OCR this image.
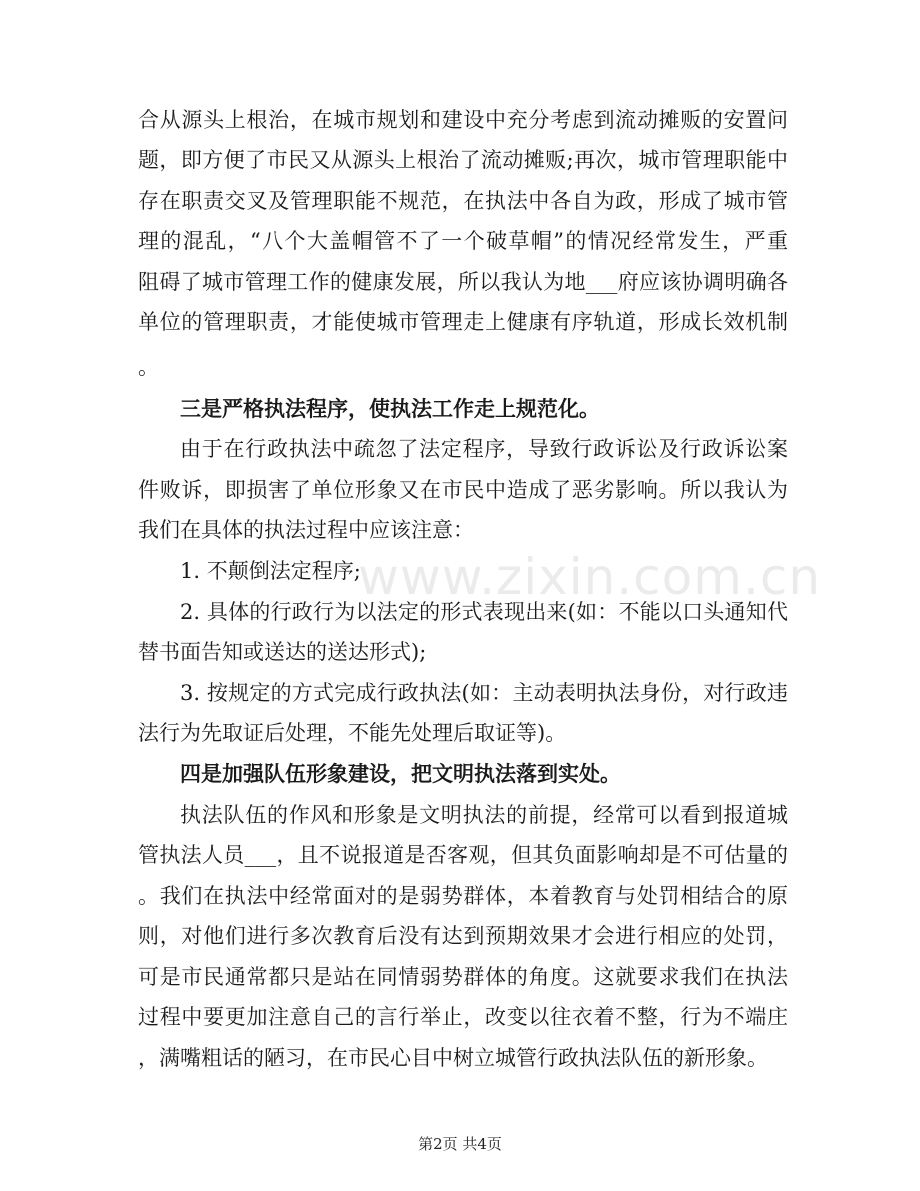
合从源头上根治，在城市规划和建设中充分考虑到流动摊贩的安置问
题，即方便了市民又从源头上根治了流动摊贩;再次，城市管理职能中
存在职责交叉及管理职能不规范，在执法中各自为政，形成了城市管
理的混乱，“八个大盖帽管不了一个破草帽”的情况经常发生，严重
阻碍了城市管理工作的健康发展，所以我认为地___府应该协调明确各
单位的管理职责，才能使城市管理走上健康有序轨道，形成长效机制
。
三是严格执法程序，使执法工作走上规范化。
由于在行政执法中疏忽了法定程序，导致行政诉讼及行政诉讼案
件败诉，即损害了单位形象又在市民中造成了恶劣影响。所以我认为
我们在具体的执法过程中应该注意：
1. 不颠倒法定程序;
2. 具体的行政行为以法定的形式表现出来(如：不能以口头通知代
替书面告知或送达的送达形式);
3. 按规定的方式完成行政执法(如：主动表明执法身份，对行政违
法行为先取证后处理，不能先处理后取证等)。
四是加强队伍形象建设，把文明执法落到实处。
执法队伍的作风和形象是文明执法的前提，经常可以看到报道城
管执法人员___，且不说报道是否客观，但其负面影响却是不可估量的
。我们在执法中经常面对的是弱势群体，本着教育与处罚相结合的原
则，对他们进行多次教育后没有达到预期效果才会进行相应的处罚，
可是市民通常都只是站在同情弱势群体的角度。这就要求我们在执法
过程中要更加注意自己的言行举止，改变以往衣着不整，行为不端庄
，满嘴粗话的陋习，在市民心目中树立城管行政执法队伍的新形象。
www.zixin.com.cn
第2页 共4页
